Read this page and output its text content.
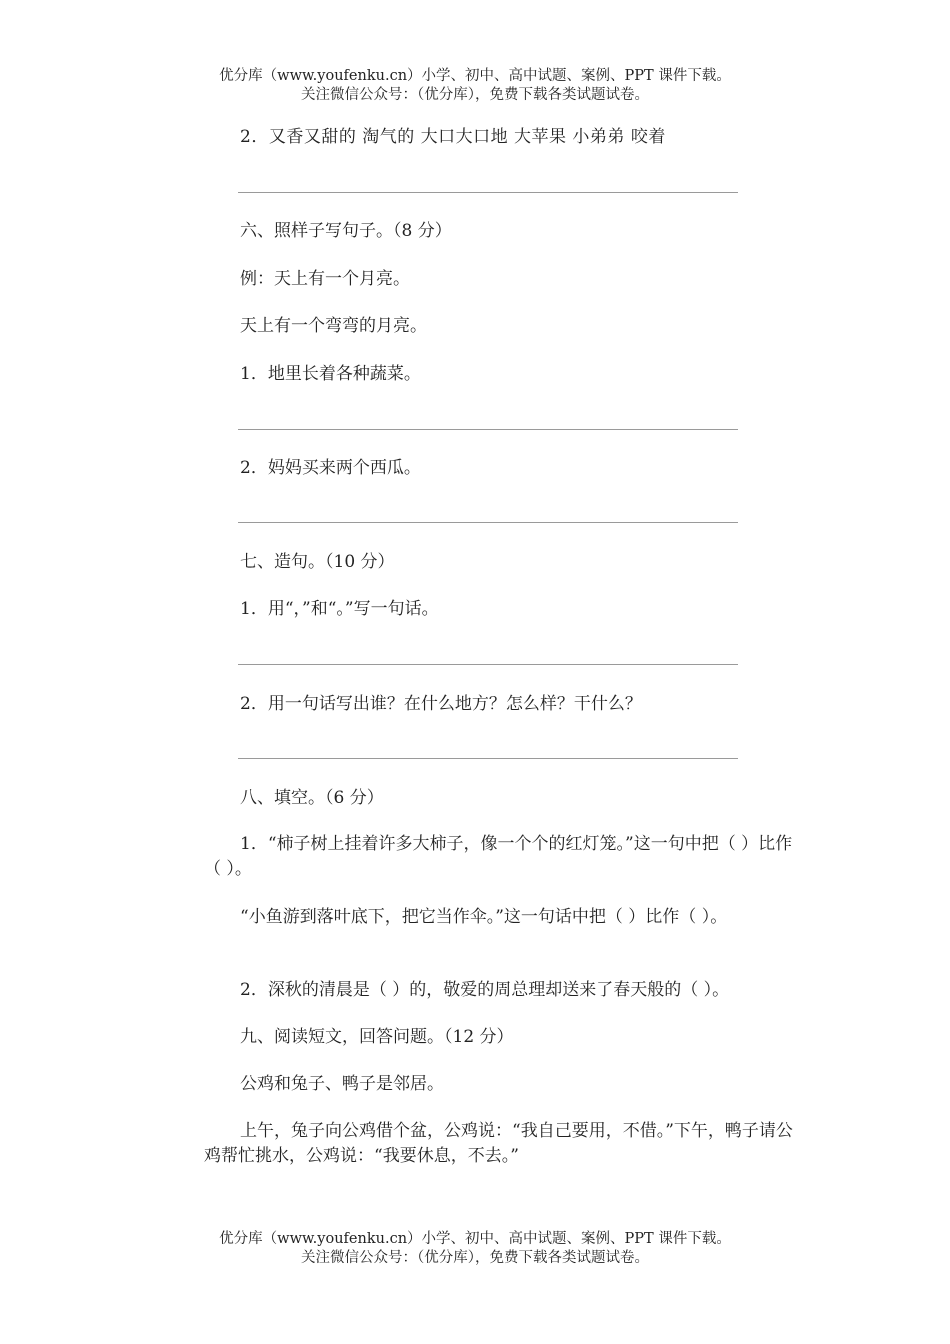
优分库（www.youfenku.cn）小学、初中、高中试题、案例、PPT 课件下载。
关注微信公众号：（优分库），免费下载各类试题试卷。
2．又香又甜的 淘气的 大口大口地 大苹果 小弟弟 咬着
六、照样子写句子。（8 分）
例：天上有一个月亮。
天上有一个弯弯的月亮。
1．地里长着各种蔬菜。
2．妈妈买来两个西瓜。
七、造句。（10 分）
1．用“，”和“。”写一句话。
2．用一句话写出谁？在什么地方？怎么样？干什么？
八、填空。（6 分）
1．“柿子树上挂着许多大柿子，像一个个的红灯笼。”这一句中把（ ）比作（ ）。
“小鱼游到落叶底下，把它当作伞。”这一句话中把（ ）比作（ ）。
2．深秋的清晨是（ ）的，敬爱的周总理却送来了春天般的（ ）。
九、阅读短文，回答问题。（12 分）
公鸡和兔子、鸭子是邻居。
上午，兔子向公鸡借个盆，公鸡说：“我自己要用，不借。”下午，鸭子请公鸡帮忙挑水，公鸡说：“我要休息，不去。”
优分库（www.youfenku.cn）小学、初中、高中试题、案例、PPT 课件下载。
关注微信公众号：（优分库），免费下载各类试题试卷。
